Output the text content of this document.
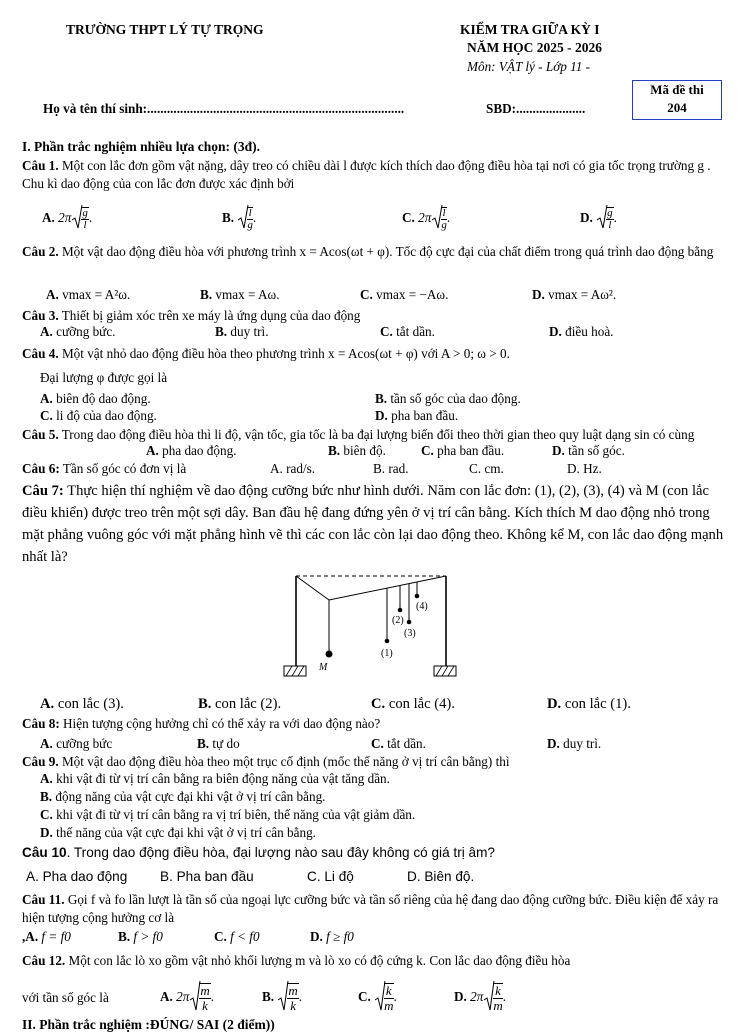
TRƯỜNG THPT LÝ TỰ TRỌNG	KIỂM TRA GIỮA KỲ I
NĂM HỌC 2025 - 2026
Môn: VẬT lý - Lớp 11 -
Mã đề thi
204
Họ và tên thí sinh:..............................................................................	SBD:.....................
I. Phần trắc nghiệm nhiều lựa chọn: (3đ).
Câu 1. Một con lắc đơn gồm vật nặng, dây treo có chiều dài l được kích thích dao động điều hòa tại nơi có gia tốc trọng trường g . Chu kì dao động của con lắc đơn được xác định bởi
A. $2\pi \frac{g}{l}$ .	B. $\frac{l}{g}$ .	C. $2\pi \frac{l}{g}$ .	D. $\frac{g}{l}$ .
Câu 2. Một vật dao động điều hòa với phương trình x = Acos(ωt + φ). Tốc độ cực đại của chất điểm trong quá trình dao động bằng
A. vmax = A²ω.	B. vmax = Aω.	C. vmax = −Aω.	D. vmax = Aω².
Câu 3. Thiết bị giảm xóc trên xe máy là ứng dụng của dao động
A. cưỡng bức.	B. duy trì.	C. tắt dần.	D. điều hoà.
Câu 4. Một vật nhỏ dao động điều hòa theo phương trình x = Acos(ωt + φ) với A > 0; ω > 0.
Đại lượng φ được gọi là
A. biên độ dao động.	B. tần số góc của dao động.
C. li độ của dao động.	D. pha ban đầu.
Câu 5. Trong dao động điều hòa thì li độ, vận tốc, gia tốc là ba đại lượng biến đổi theo thời gian theo quy luật dạng sin có cùng
A. pha dao động.	B. biên độ.	C. pha ban đầu.	D. tần số góc.
Câu 6: Tần số góc có đơn vị là	A. rad/s.	B. rad.	C. cm.	D. Hz.
Câu 7: Thực hiện thí nghiệm về dao động cưỡng bức như hình dưới. Năm con lắc đơn: (1), (2), (3), (4) và M (con lắc điều khiển) được treo trên một sợi dây. Ban đầu hệ đang đứng yên ở vị trí cân bằng. Kích thích M dao động nhỏ trong mặt phẳng vuông góc với mặt phẳng hình vẽ thì các con lắc còn lại dao động theo. Không kể M, con lắc dao động mạnh nhất là?
(1)
(2)
(3)
(4)
M
A. con lắc (3).	B. con lắc (2).	C. con lắc (4).	D. con lắc (1).
Câu 8: Hiện tượng cộng hưởng chỉ có thể xảy ra với dao động nào?
A. cưỡng bức	B. tự do	C. tắt dần.	D. duy trì.
Câu 9. Một vật dao động điều hòa theo một trục cố định (mốc thế năng ở vị trí cân bằng) thì
A. khi vật đi từ vị trí cân bằng ra biên động năng của vật tăng dần.
B. động năng của vật cực đại khi vật ở vị trí cân bằng.
C. khi vật đi từ vị trí cân bằng ra vị trí biên, thế năng của vật giảm dần.
D. thế năng của vật cực đại khi vật ở vị trí cân bằng.
Câu 10. Trong dao động điều hòa, đại lượng nào sau đây không có giá trị âm?
A. Pha dao động B. Pha ban đầu	C. Li độ	D. Biên độ.
Câu 11. Gọi f và fo lần lượt là tần số của ngoại lực cưỡng bức và tần số riêng của hệ đang dao động cưỡng bức. Điều kiện để xảy ra hiện tượng cộng hưởng cơ là
,A. f = f0	B. f > f0	C. f < f0	D. f ≥ f0
Câu 12. Một con lắc lò xo gồm vật nhỏ khối lượng m và lò xo có độ cứng k. Con lắc dao động điều hòa
với tần số góc là	A. $2\pi \frac{m}{k}$ .	B. $\frac{m}{k}$ .	C. $\frac{k}{m}$ .	D. $2\pi \frac{k}{m}$ .
II. Phần trắc nghiệm :ĐÚNG/ SAI (2 điểm))
